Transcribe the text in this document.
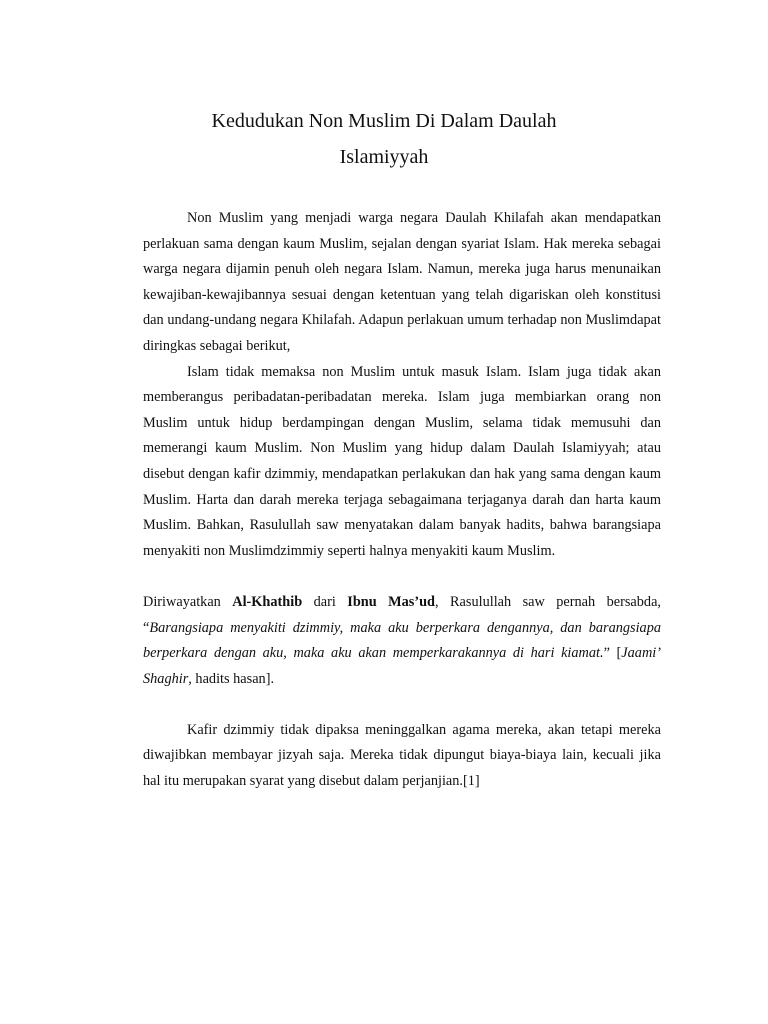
Kedudukan Non Muslim Di Dalam Daulah
Islamiyyah

Non Muslim yang menjadi warga negara Daulah Khilafah akan mendapatkan perlakuan sama dengan kaum Muslim, sejalan dengan syariat Islam. Hak mereka sebagai warga negara dijamin penuh oleh negara Islam. Namun, mereka juga harus menunaikan kewajiban-kewajibannya sesuai dengan ketentuan yang telah digariskan oleh konstitusi dan undang-undang negara Khilafah. Adapun perlakuan umum terhadap non Muslimdapat diringkas sebagai berikut,

Islam tidak memaksa non Muslim untuk masuk Islam. Islam juga tidak akan memberangus peribadatan-peribadatan mereka. Islam juga membiarkan orang non Muslim untuk hidup berdampingan dengan Muslim, selama tidak memusuhi dan memerangi kaum Muslim. Non Muslim yang hidup dalam Daulah Islamiyyah; atau disebut dengan kafir dzimmiy, mendapatkan perlakukan dan hak yang sama dengan kaum Muslim. Harta dan darah mereka terjaga sebagaimana terjaganya darah dan harta kaum Muslim. Bahkan, Rasulullah saw menyatakan dalam banyak hadits, bahwa barangsiapa menyakiti non Muslimdzimmiy seperti halnya menyakiti kaum Muslim.

Diriwayatkan Al-Khathib dari Ibnu Mas’ud, Rasulullah saw pernah bersabda, “Barangsiapa menyakiti dzimmiy, maka aku berperkara dengannya, dan barangsiapa berperkara dengan aku, maka aku akan memperkarakannya di hari kiamat.” [Jaami’ Shaghir, hadits hasan].

Kafir dzimmiy tidak dipaksa meninggalkan agama mereka, akan tetapi mereka diwajibkan membayar jizyah saja. Mereka tidak dipungut biaya-biaya lain, kecuali jika hal itu merupakan syarat yang disebut dalam perjanjian.[1]
